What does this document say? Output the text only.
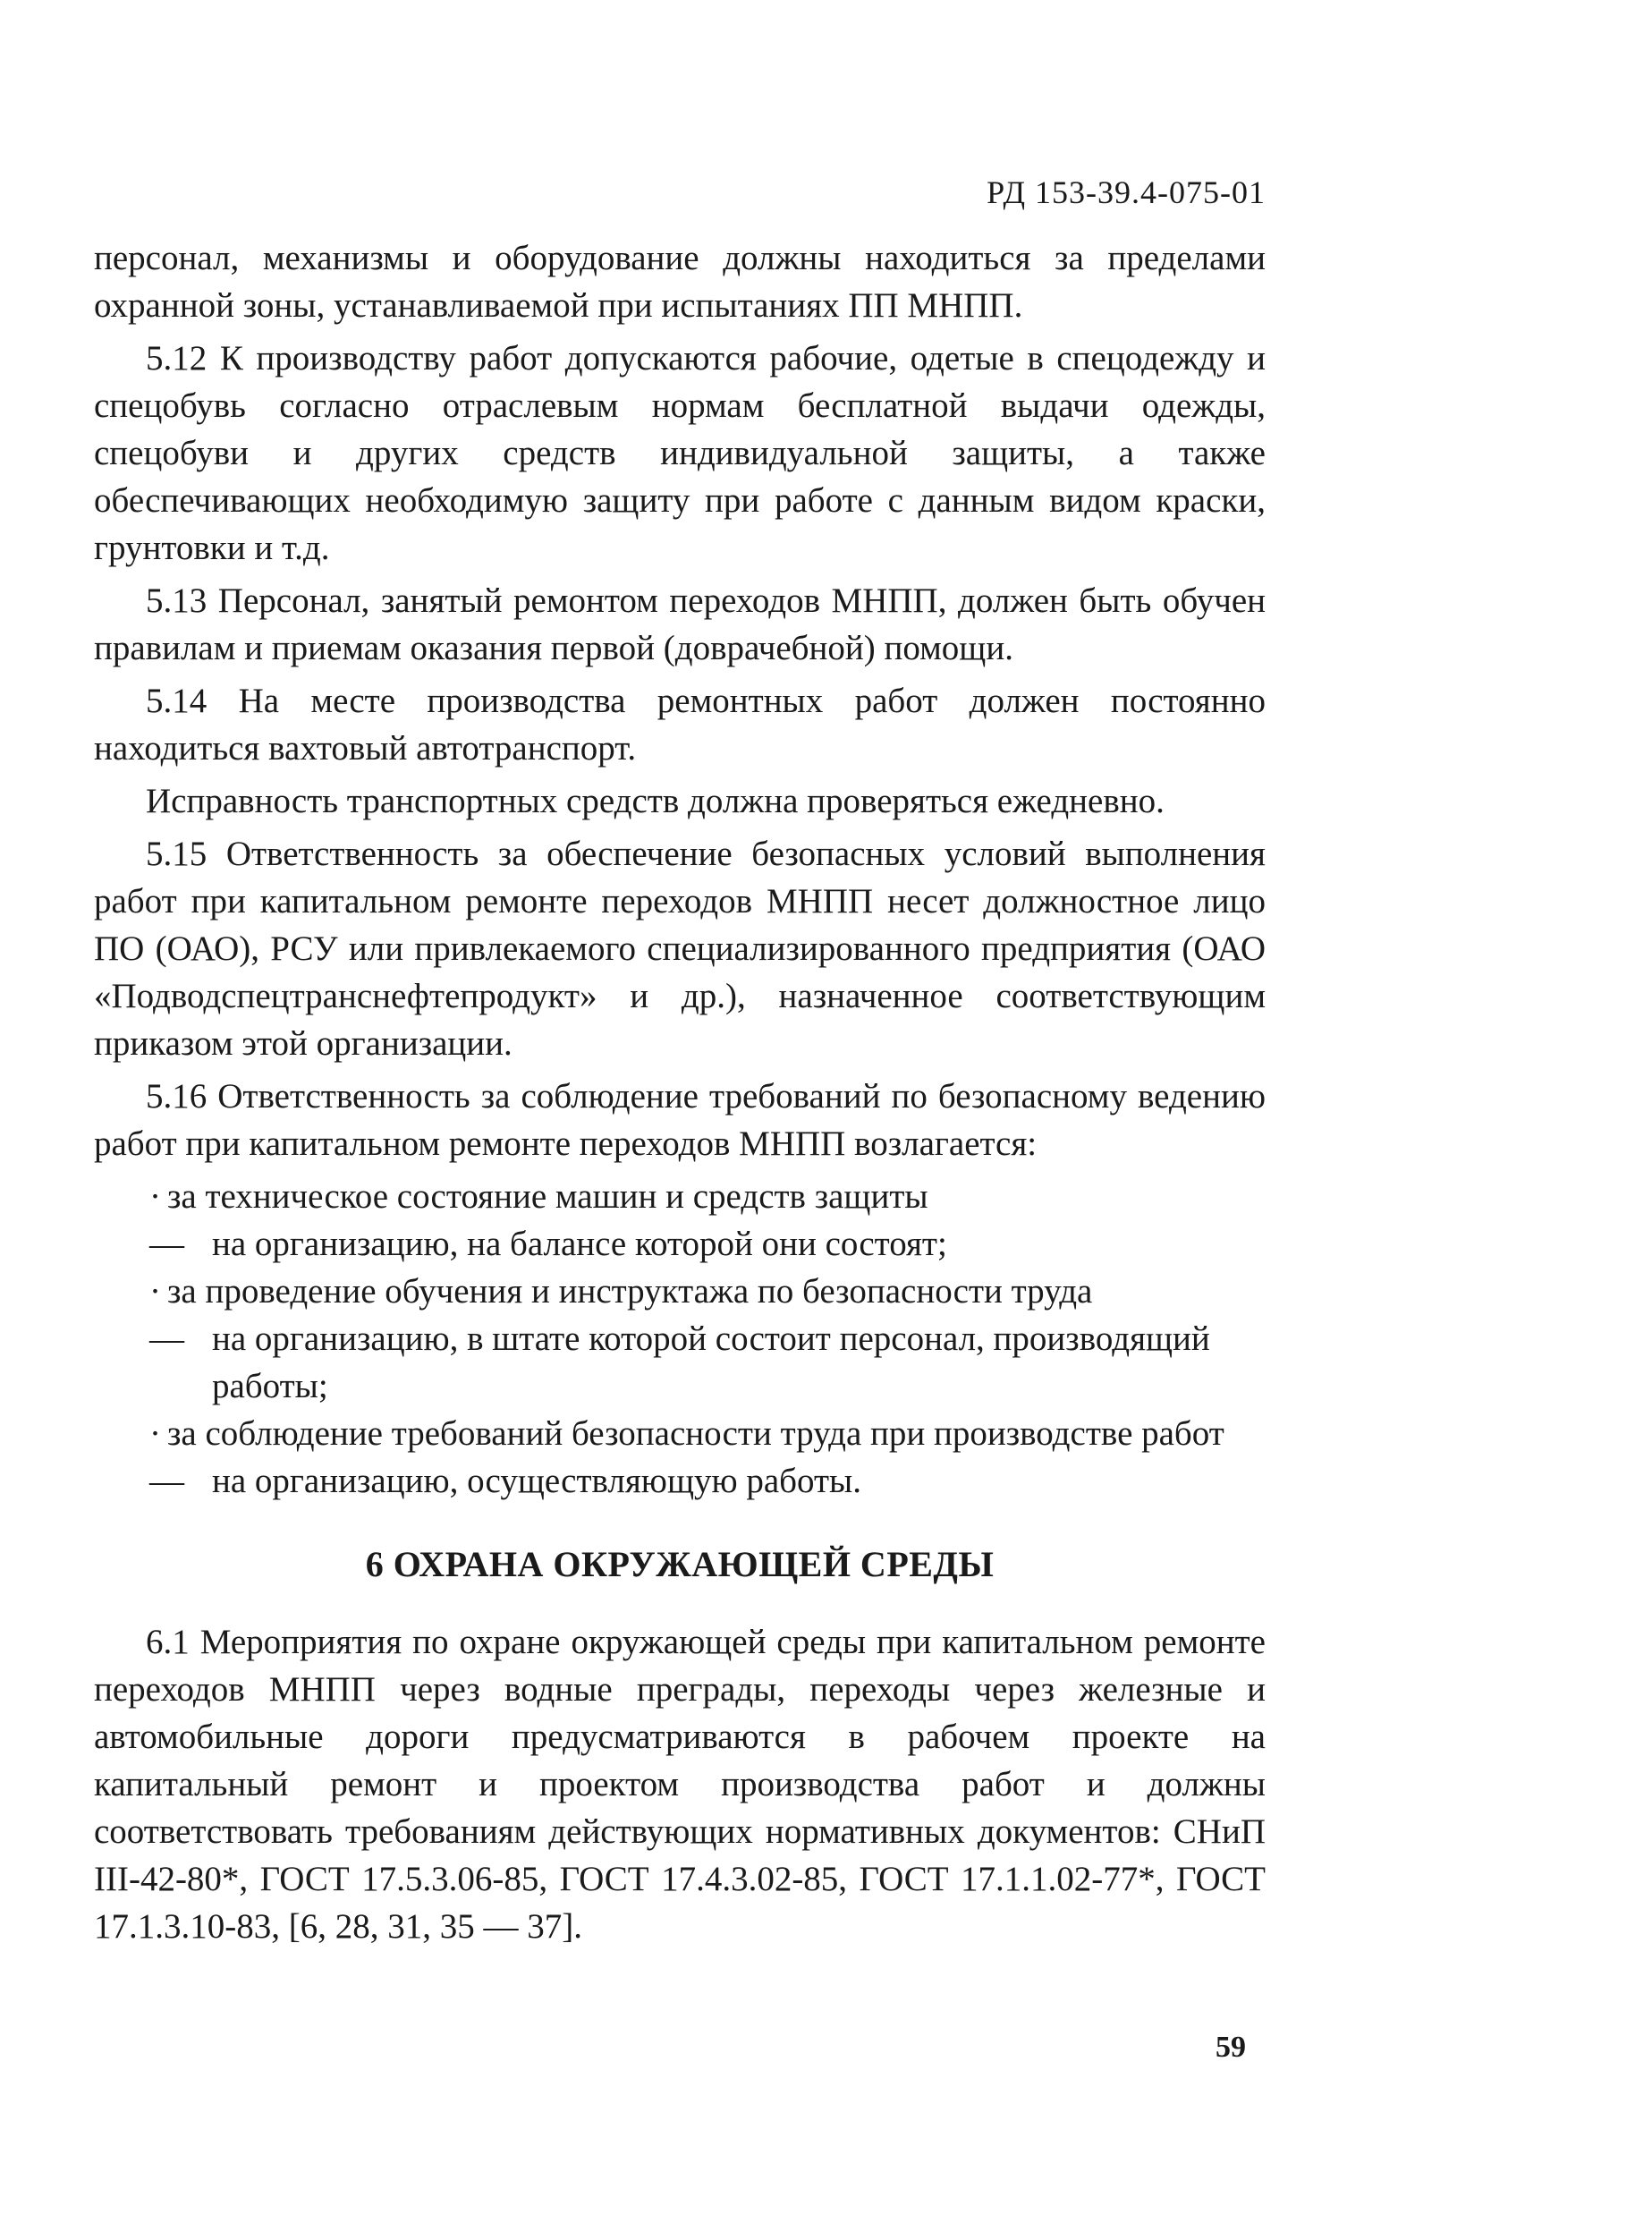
РД 153-39.4-075-01

персонал, механизмы и оборудование должны находиться за пределами охранной зоны, устанавливаемой при испытаниях ПП МНПП.

5.12 К производству работ допускаются рабочие, одетые в спецодежду и спецобувь согласно отраслевым нормам бесплатной выдачи одежды, спецобуви и других средств индивидуальной защиты, а также обеспечивающих необходимую защиту при работе с данным видом краски, грунтовки и т.д.

5.13 Персонал, занятый ремонтом переходов МНПП, должен быть обучен правилам и приемам оказания первой (доврачебной) помощи.

5.14 На месте производства ремонтных работ должен постоянно находиться вахтовый автотранспорт.

Исправность транспортных средств должна проверяться ежедневно.

5.15 Ответственность за обеспечение безопасных условий выполнения работ при капитальном ремонте переходов МНПП несет должностное лицо ПО (ОАО), РСУ или привлекаемого специализированного предприятия (ОАО «Подводспецтранснефтепродукт» и др.), назначенное соответствующим приказом этой организации.

5.16 Ответственность за соблюдение требований по безопасному ведению работ при капитальном ремонте переходов МНПП возлагается:

· за техническое состояние машин и средств защиты
— на организацию, на балансе которой они состоят;
· за проведение обучения и инструктажа по безопасности труда
— на организацию, в штате которой состоит персонал, производящий работы;
· за соблюдение требований безопасности труда при производстве работ
— на организацию, осуществляющую работы.
6 ОХРАНА ОКРУЖАЮЩЕЙ СРЕДЫ

6.1 Мероприятия по охране окружающей среды при капитальном ремонте переходов МНПП через водные преграды, переходы через железные и автомобильные дороги предусматриваются в рабочем проекте на капитальный ремонт и проектом производства работ и должны соответствовать требованиям действующих нормативных документов: СНиП III-42-80*, ГОСТ 17.5.3.06-85, ГОСТ 17.4.3.02-85, ГОСТ 17.1.1.02-77*, ГОСТ 17.1.3.10-83, [6, 28, 31, 35 — 37].

59
